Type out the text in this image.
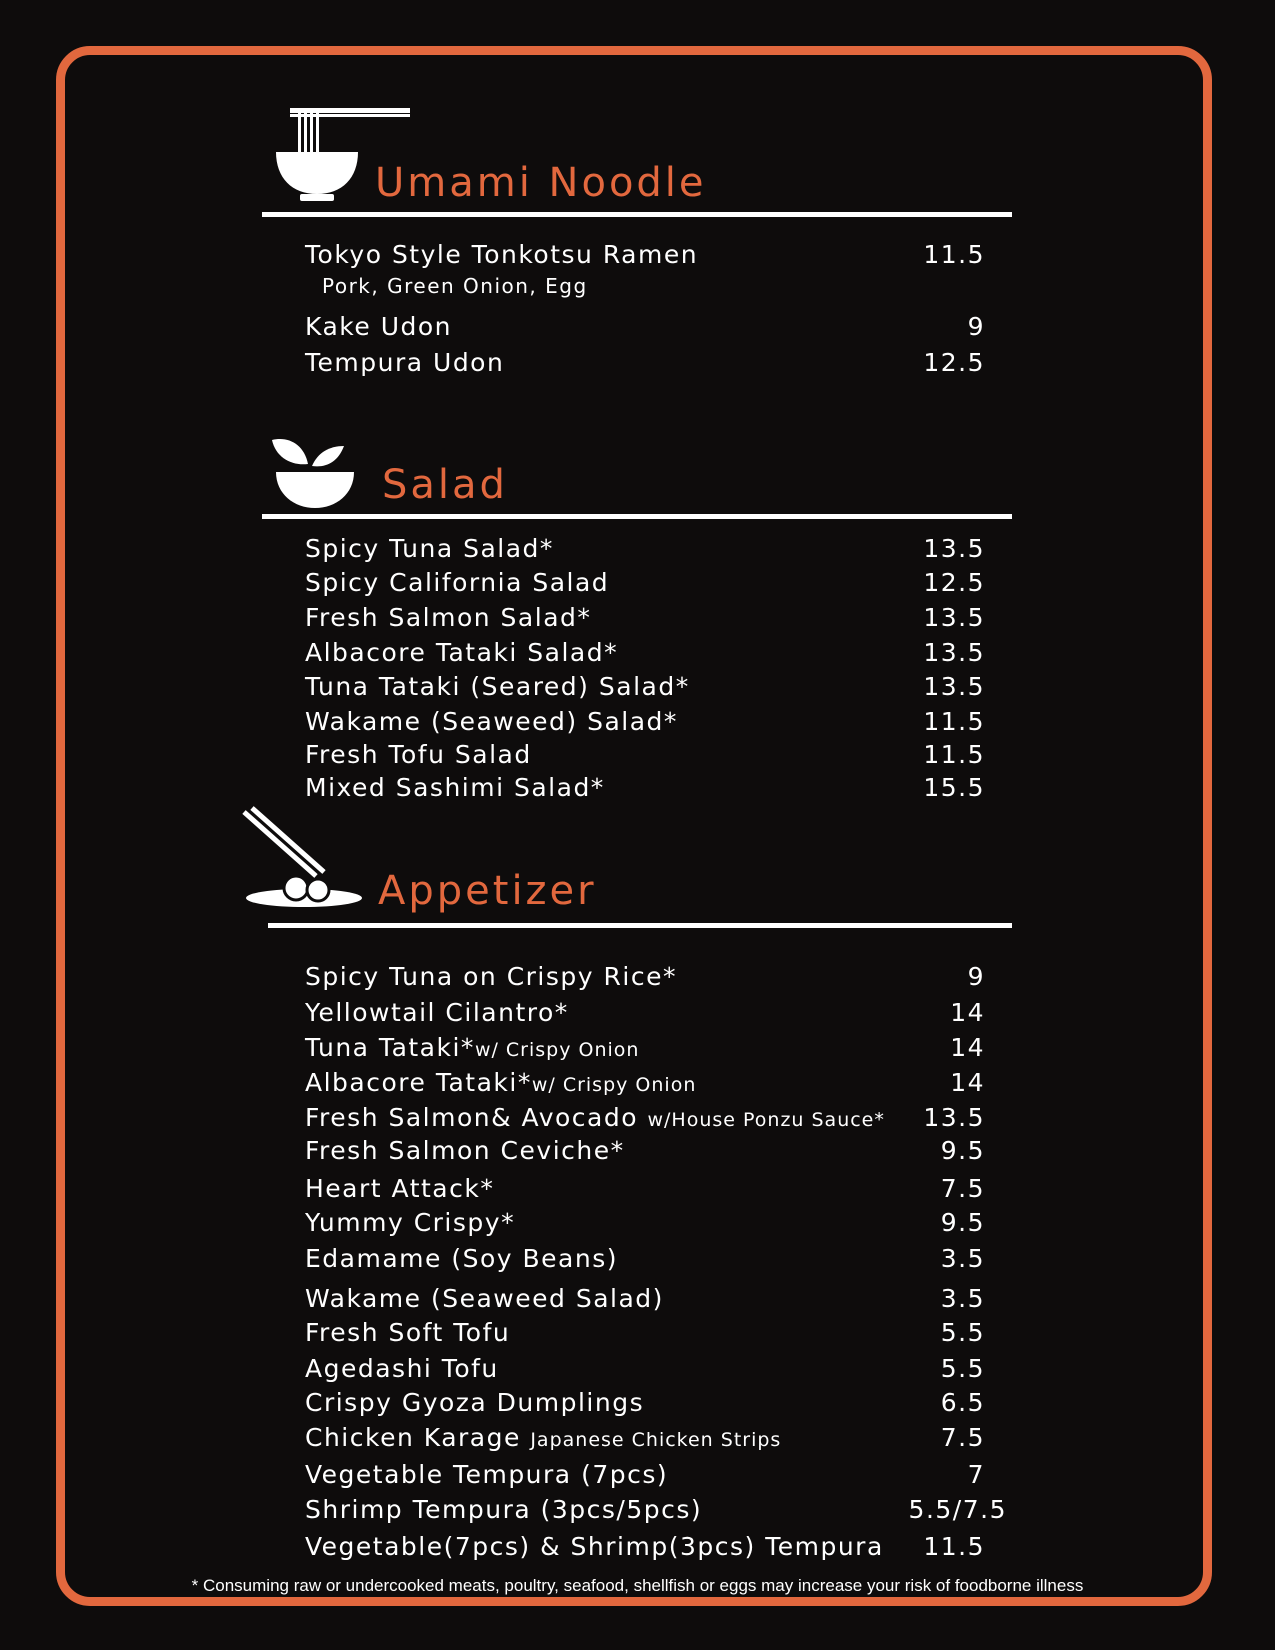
Umami Noodle
Tokyo Style Tonkotsu Ramen	11.5
Pork, Green Onion, Egg
Kake Udon	9
Tempura Udon	12.5
Salad
Spicy Tuna Salad*	13.5
Spicy California Salad	12.5
Fresh Salmon Salad*	13.5
Albacore Tataki Salad*	13.5
Tuna Tataki (Seared) Salad*	13.5
Wakame (Seaweed) Salad*	11.5
Fresh Tofu Salad	11.5
Mixed Sashimi Salad*	15.5
Appetizer
Spicy Tuna on Crispy Rice*	9
Yellowtail Cilantro*	14
Tuna Tataki*w/ Crispy Onion	14
Albacore Tataki*w/ Crispy Onion	14
Fresh Salmon& Avocado w/House Ponzu Sauce* 13.5
Fresh Salmon Ceviche*	9.5
Heart Attack*	7.5
Yummy Crispy*	9.5
Edamame (Soy Beans)	3.5
Wakame (Seaweed Salad)	3.5
Fresh Soft Tofu	5.5
Agedashi Tofu	5.5
Crispy Gyoza Dumplings	6.5
Chicken Karage Japanese Chicken Strips	7.5
Vegetable Tempura (7pcs)	7
Shrimp Tempura (3pcs/5pcs)	5.5/7.5
Vegetable(7pcs) & Shrimp(3pcs) Tempura 11.5
* Consuming raw or undercooked meats, poultry, seafood, shellfish or eggs may increase your risk of foodborne illness
